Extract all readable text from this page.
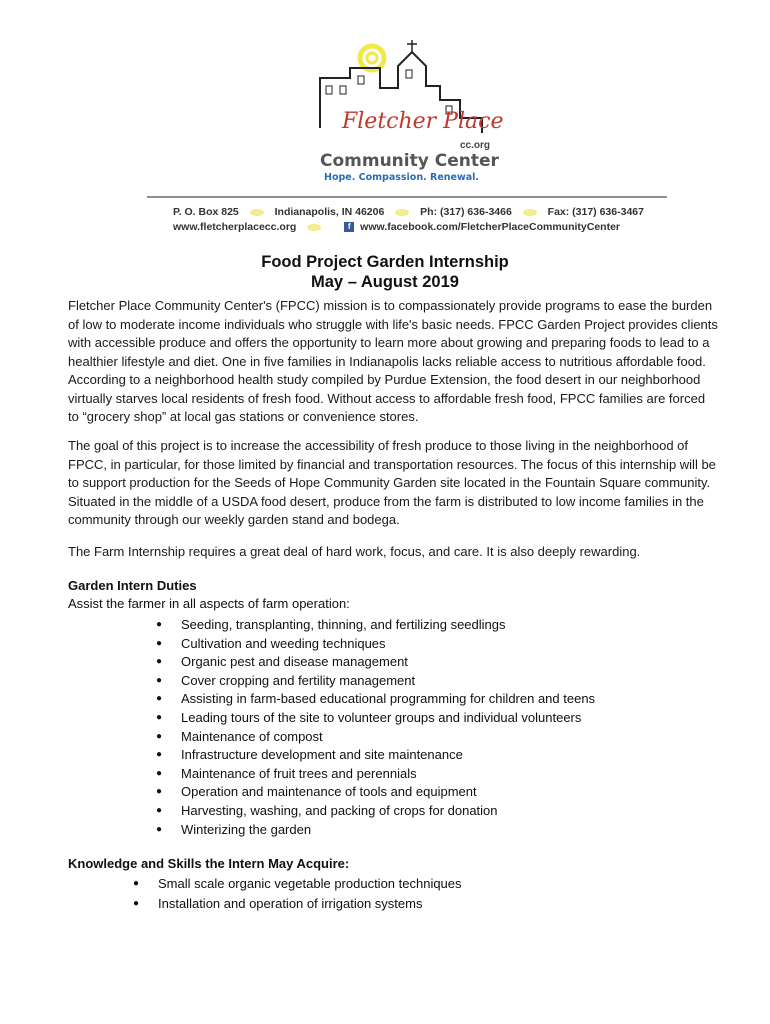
Fletcher Place
cc.org
Community Center
Hope. Compassion. Renewal.
P. O. Box 825	Indianapolis, IN 46206	Ph: (317) 636-3466	Fax: (317) 636-3467
www.fletcherplacecc.org	f www.facebook.com/FletcherPlaceCommunityCenter
Food Project Garden Internship
May – August 2019

Fletcher Place Community Center's (FPCC) mission is to compassionately provide programs to ease the burden of low to moderate income individuals who struggle with life's basic needs. FPCC Garden Project provides clients with accessible produce and offers the opportunity to learn more about growing and preparing foods to lead to a healthier lifestyle and diet. One in five families in Indianapolis lacks reliable access to nutritious affordable food. According to a neighborhood health study compiled by Purdue Extension, the food desert in our neighborhood virtually starves local residents of fresh food. Without access to affordable fresh food, FPCC families are forced to “grocery shop” at local gas stations or convenience stores.

The goal of this project is to increase the accessibility of fresh produce to those living in the neighborhood of FPCC, in particular, for those limited by financial and transportation resources. The focus of this internship will be to support production for the Seeds of Hope Community Garden site located in the Fountain Square community. Situated in the middle of a USDA food desert, produce from the farm is distributed to low income families in the community through our weekly garden stand and bodega.

The Farm Internship requires a great deal of hard work, focus, and care. It is also deeply rewarding.

Garden Intern Duties

Assist the farmer in all aspects of farm operation:

● Seeding, transplanting, thinning, and fertilizing seedlings
● Cultivation and weeding techniques
● Organic pest and disease management
● Cover cropping and fertility management
● Assisting in farm-based educational programming for children and teens
● Leading tours of the site to volunteer groups and individual volunteers
● Maintenance of compost
● Infrastructure development and site maintenance
● Maintenance of fruit trees and perennials
● Operation and maintenance of tools and equipment
● Harvesting, washing, and packing of crops for donation
● Winterizing the garden

Knowledge and Skills the Intern May Acquire:

● Small scale organic vegetable production techniques
● Installation and operation of irrigation systems
